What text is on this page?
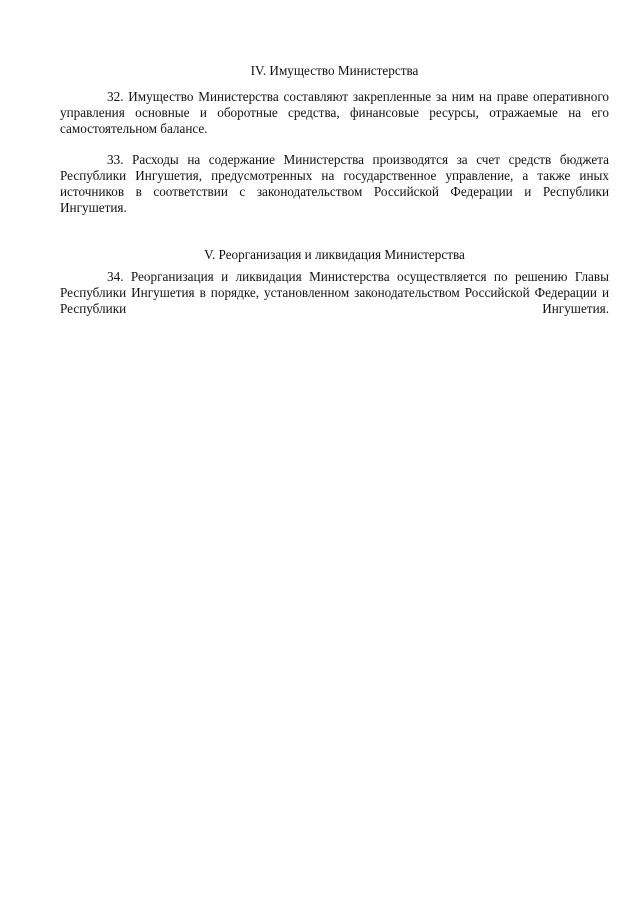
IV. Имущество Министерства

32. Имущество Министерства составляют закрепленные за ним на праве оперативного управления основные и оборотные средства, финансовые ресурсы, отражаемые на его самостоятельном балансе.

33. Расходы на содержание Министерства производятся за счет средств бюджета Республики Ингушетия, предусмотренных на государственное управление, а также иных источников в соответствии с законодательством Российской Федерации и Республики Ингушетия.

V. Реорганизация и ликвидация Министерства

34. Реорганизация и ликвидация Министерства осуществляется по решению Главы Республики Ингушетия в порядке, установленном законодательством Российской Федерации и Республики Ингушетия.
